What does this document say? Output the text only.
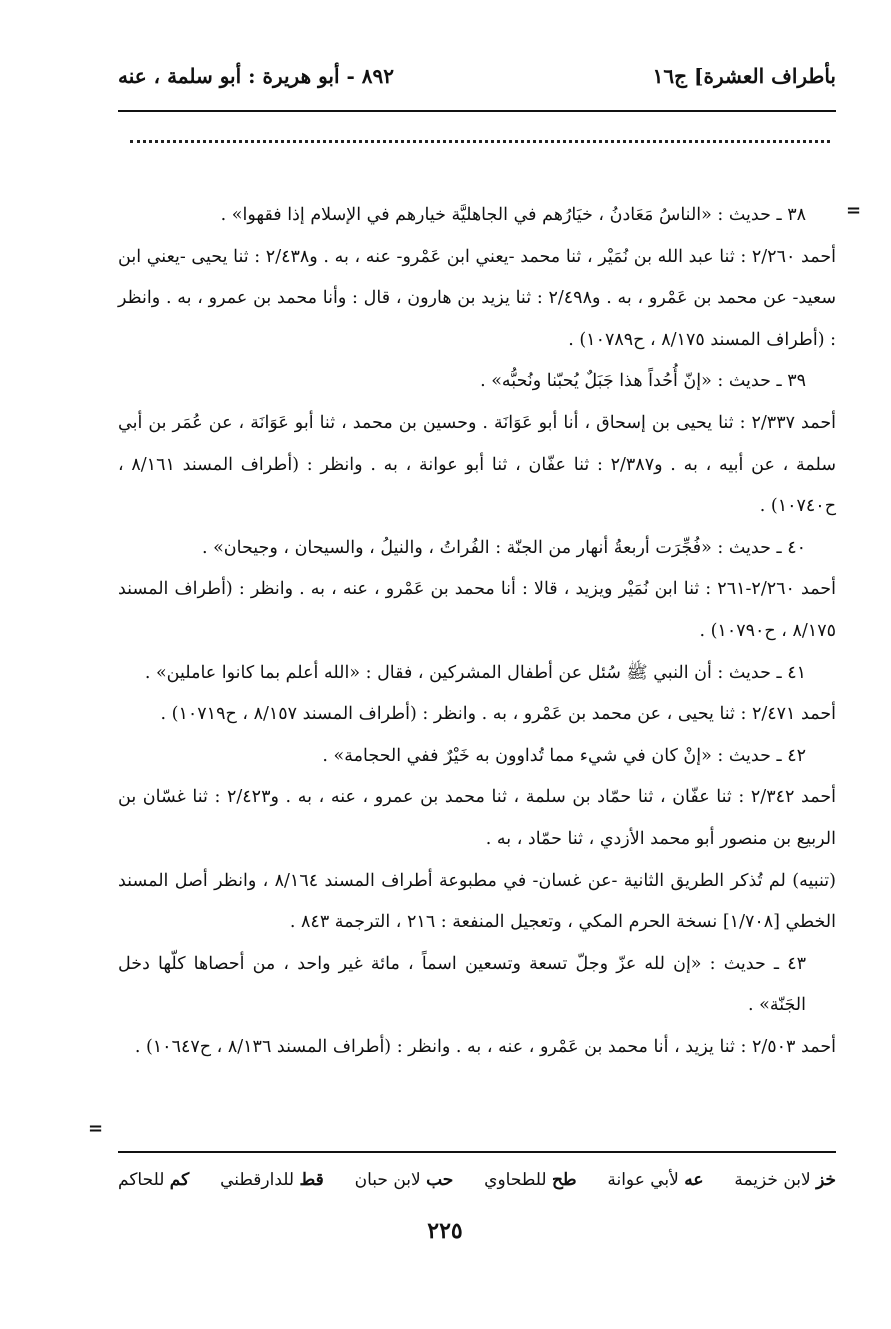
بأطراف العشرة] ج١٦
٨٩٢ - أبو هريرة : أبو سلمة ، عنه
=

٣٨ ـ حديث : «الناسُ مَعَادنُ ، خيَارُهم في الجاهليَّة خيارهم في الإسلام إذا فقهوا» .

أحمد ٢/٢٦٠ : ثنا عبد الله بن نُمَيْر ، ثنا محمد -يعني ابن عَمْرو- عنه ، به . و٢/٤٣٨ : ثنا يحيى -يعني ابن سعيد- عن محمد بن عَمْرو ، به . و٢/٤٩٨ : ثنا يزيد بن هارون ، قال : وأنا محمد بن عمرو ، به . وانظر : (أطراف المسند ٨/١٧٥ ، ح١٠٧٨٩) .

٣٩ ـ حديث : «إنّ أُحُداً هذا جَبَلٌ يُحبّنا ونُحبُّه» .

أحمد ٢/٣٣٧ : ثنا يحيى بن إسحاق ، أنا أبو عَوَانَة . وحسين بن محمد ، ثنا أبو عَوَانَة ، عن عُمَر بن أبي سلمة ، عن أبيه ، به . و٢/٣٨٧ : ثنا عفّان ، ثنا أبو عوانة ، به . وانظر : (أطراف المسند ٨/١٦١ ، ح١٠٧٤٠) .

٤٠ ـ حديث : «فُجِّرَت أربعةُ أنهار من الجنّة : الفُراتُ ، والنيلُ ، والسيحان ، وجيحان» .

أحمد ٢/٢٦٠-٢٦١ : ثنا ابن نُمَيْر ويزيد ، قالا : أنا محمد بن عَمْرو ، عنه ، به . وانظر : (أطراف المسند ٨/١٧٥ ، ح١٠٧٩٠) .

٤١ ـ حديث : أن النبي ﷺ سُئل عن أطفال المشركين ، فقال : «الله أعلم بما كانوا عاملين» .

أحمد ٢/٤٧١ : ثنا يحيى ، عن محمد بن عَمْرو ، به . وانظر : (أطراف المسند ٨/١٥٧ ، ح١٠٧١٩) .

٤٢ ـ حديث : «إنْ كان في شيء مما تُداوون به خَيْرٌ ففي الحجامة» .

أحمد ٢/٣٤٢ : ثنا عفّان ، ثنا حمّاد بن سلمة ، ثنا محمد بن عمرو ، عنه ، به . و٢/٤٢٣ : ثنا غسّان بن الربيع بن منصور أبو محمد الأزدي ، ثنا حمّاد ، به .

(تنبيه) لم تُذكر الطريق الثانية -عن غسان- في مطبوعة أطراف المسند ٨/١٦٤ ، وانظر أصل المسند الخطي [١/٧٠٨] نسخة الحرم المكي ، وتعجيل المنفعة : ٢١٦ ، الترجمة ٨٤٣ .

٤٣ ـ حديث : «إن لله عزّ وجلّ تسعة وتسعين اسماً ، مائة غير واحد ، من أحصاها كلّها دخل الجَنّة» .

أحمد ٢/٥٠٣ : ثنا يزيد ، أنا محمد بن عَمْرو ، عنه ، به . وانظر : (أطراف المسند ٨/١٣٦ ، ح١٠٦٤٧) .

=
خز لابن خزيمة
عه لأبي عوانة
طح للطحاوي
حب لابن حبان
قط للدارقطني
كم للحاكم
٢٢٥
